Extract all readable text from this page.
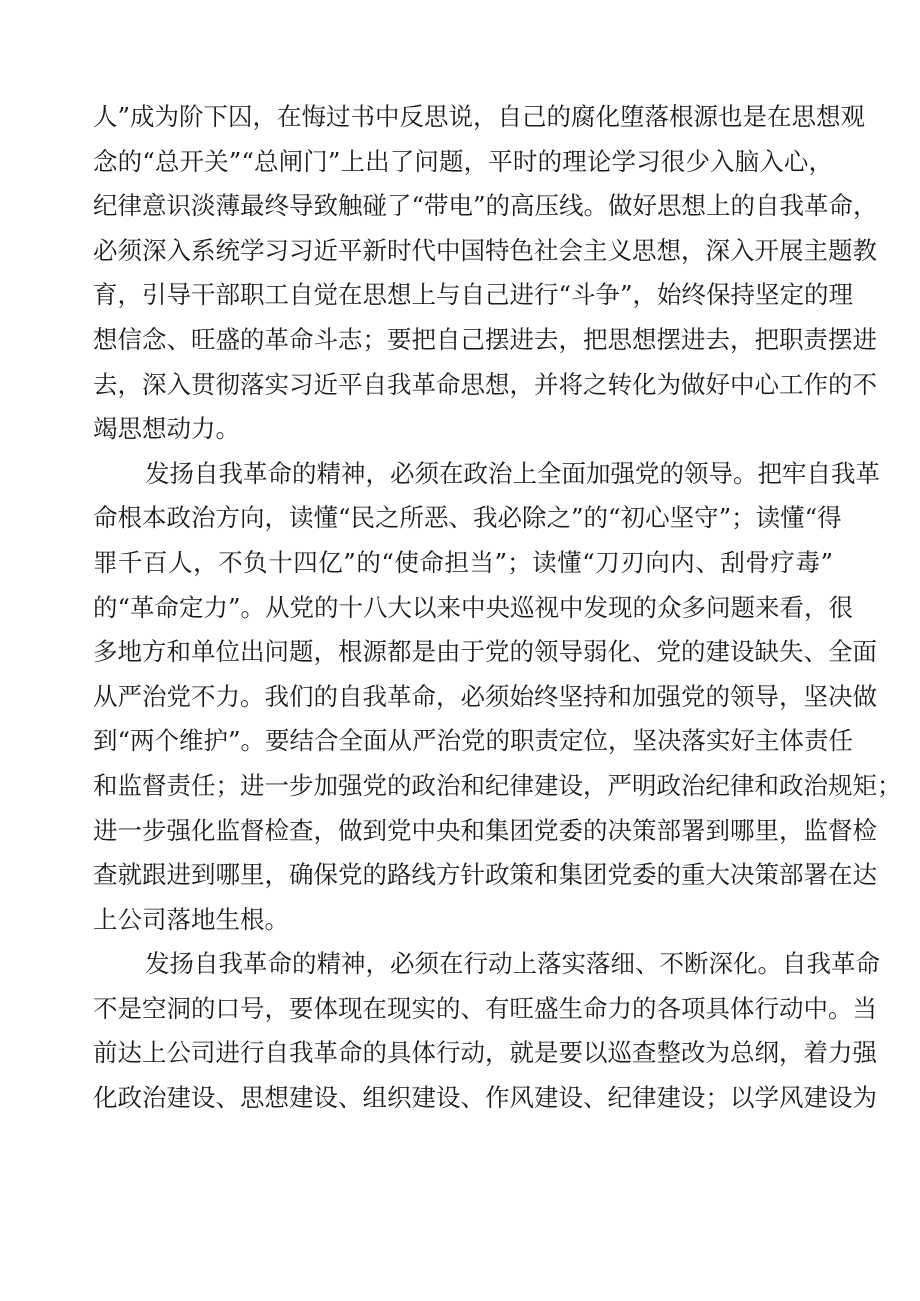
人”成为阶下囚，在悔过书中反思说，自己的腐化堕落根源也是在思想观
念的“总开关”“总闸门”上出了问题，平时的理论学习很少入脑入心，
纪律意识淡薄最终导致触碰了“带电”的高压线。做好思想上的自我革命，
必须深入系统学习习近平新时代中国特色社会主义思想，深入开展主题教
育，引导干部职工自觉在思想上与自己进行“斗争”，始终保持坚定的理
想信念、旺盛的革命斗志；要把自己摆进去，把思想摆进去，把职责摆进
去，深入贯彻落实习近平自我革命思想，并将之转化为做好中心工作的不
竭思想动力。
发扬自我革命的精神，必须在政治上全面加强党的领导。把牢自我革
命根本政治方向，读懂“民之所恶、我必除之”的“初心坚守”；读懂“得
罪千百人，不负十四亿”的“使命担当”；读懂“刀刃向内、刮骨疗毒”
的“革命定力”。从党的十八大以来中央巡视中发现的众多问题来看，很
多地方和单位出问题，根源都是由于党的领导弱化、党的建设缺失、全面
从严治党不力。我们的自我革命，必须始终坚持和加强党的领导，坚决做
到“两个维护”。要结合全面从严治党的职责定位，坚决落实好主体责任
和监督责任；进一步加强党的政治和纪律建设，严明政治纪律和政治规矩；
进一步强化监督检查，做到党中央和集团党委的决策部署到哪里，监督检
查就跟进到哪里，确保党的路线方针政策和集团党委的重大决策部署在达
上公司落地生根。
发扬自我革命的精神，必须在行动上落实落细、不断深化。自我革命
不是空洞的口号，要体现在现实的、有旺盛生命力的各项具体行动中。当
前达上公司进行自我革命的具体行动，就是要以巡查整改为总纲，着力强
化政治建设、思想建设、组织建设、作风建设、纪律建设；以学风建设为
